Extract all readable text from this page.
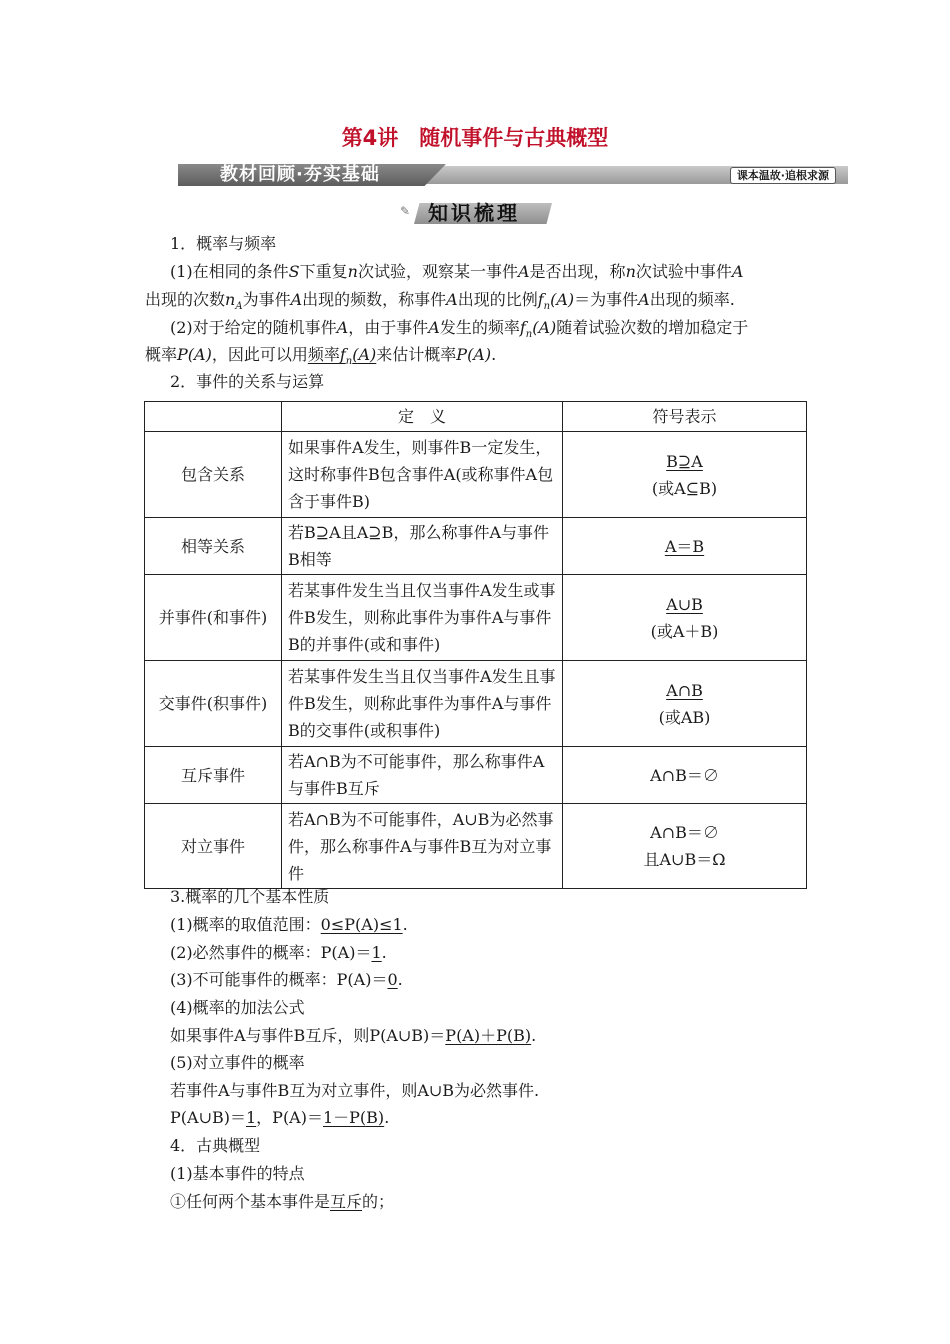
第4讲　随机事件与古典概型
教材回顾·夯实基础	课本温故·追根求源
✎ 知识梳理
1．概率与频率
(1)在相同的条件S下重复n次试验，观察某一事件A是否出现，称n次试验中事件A
出现的次数$n_A$为事件A出现的频数，称事件A出现的比例$f_n(A)=$为事件A出现的频率.
(2)对于给定的随机事件A，由于事件A发生的频率$f_n(A)$随着试验次数的增加稳定于
概率P(A)，因此可以用频率$f_n(A)$来估计概率P(A).
2．事件的关系与运算
	定　义	符号表示
包含关系	如果事件A发生，则事件B一定发生，这时称事件B包含事件A(或称事件A包含于事件B)	B⊇A
(或A⊆B)

相等关系	若B⊇A且A⊇B，那么称事件A与事件B相等	A＝B

并事件(和事件)	若某事件发生当且仅当事件A发生或事件B发生，则称此事件为事件A与事件B的并事件(或和事件)	A∪B
(或A＋B)

交事件(积事件)	若某事件发生当且仅当事件A发生且事件B发生，则称此事件为事件A与事件B的交事件(或积事件)	A∩B
(或AB)

互斥事件	若A∩B为不可能事件，那么称事件A与事件B互斥	A∩B＝∅

对立事件	若A∩B为不可能事件，A∪B为必然事件，那么称事件A与事件B互为对立事件	A∩B＝∅
且A∪B＝Ω
3.概率的几个基本性质
(1)概率的取值范围：0≤P(A)≤1.
(2)必然事件的概率：P(A)＝1.
(3)不可能事件的概率：P(A)＝0.
(4)概率的加法公式
如果事件A与事件B互斥，则P(A∪B)＝P(A)＋P(B).
(5)对立事件的概率
若事件A与事件B互为对立事件，则A∪B为必然事件.
P(A∪B)＝1，P(A)＝1－P(B).
4．古典概型
(1)基本事件的特点
①任何两个基本事件是互斥的；
